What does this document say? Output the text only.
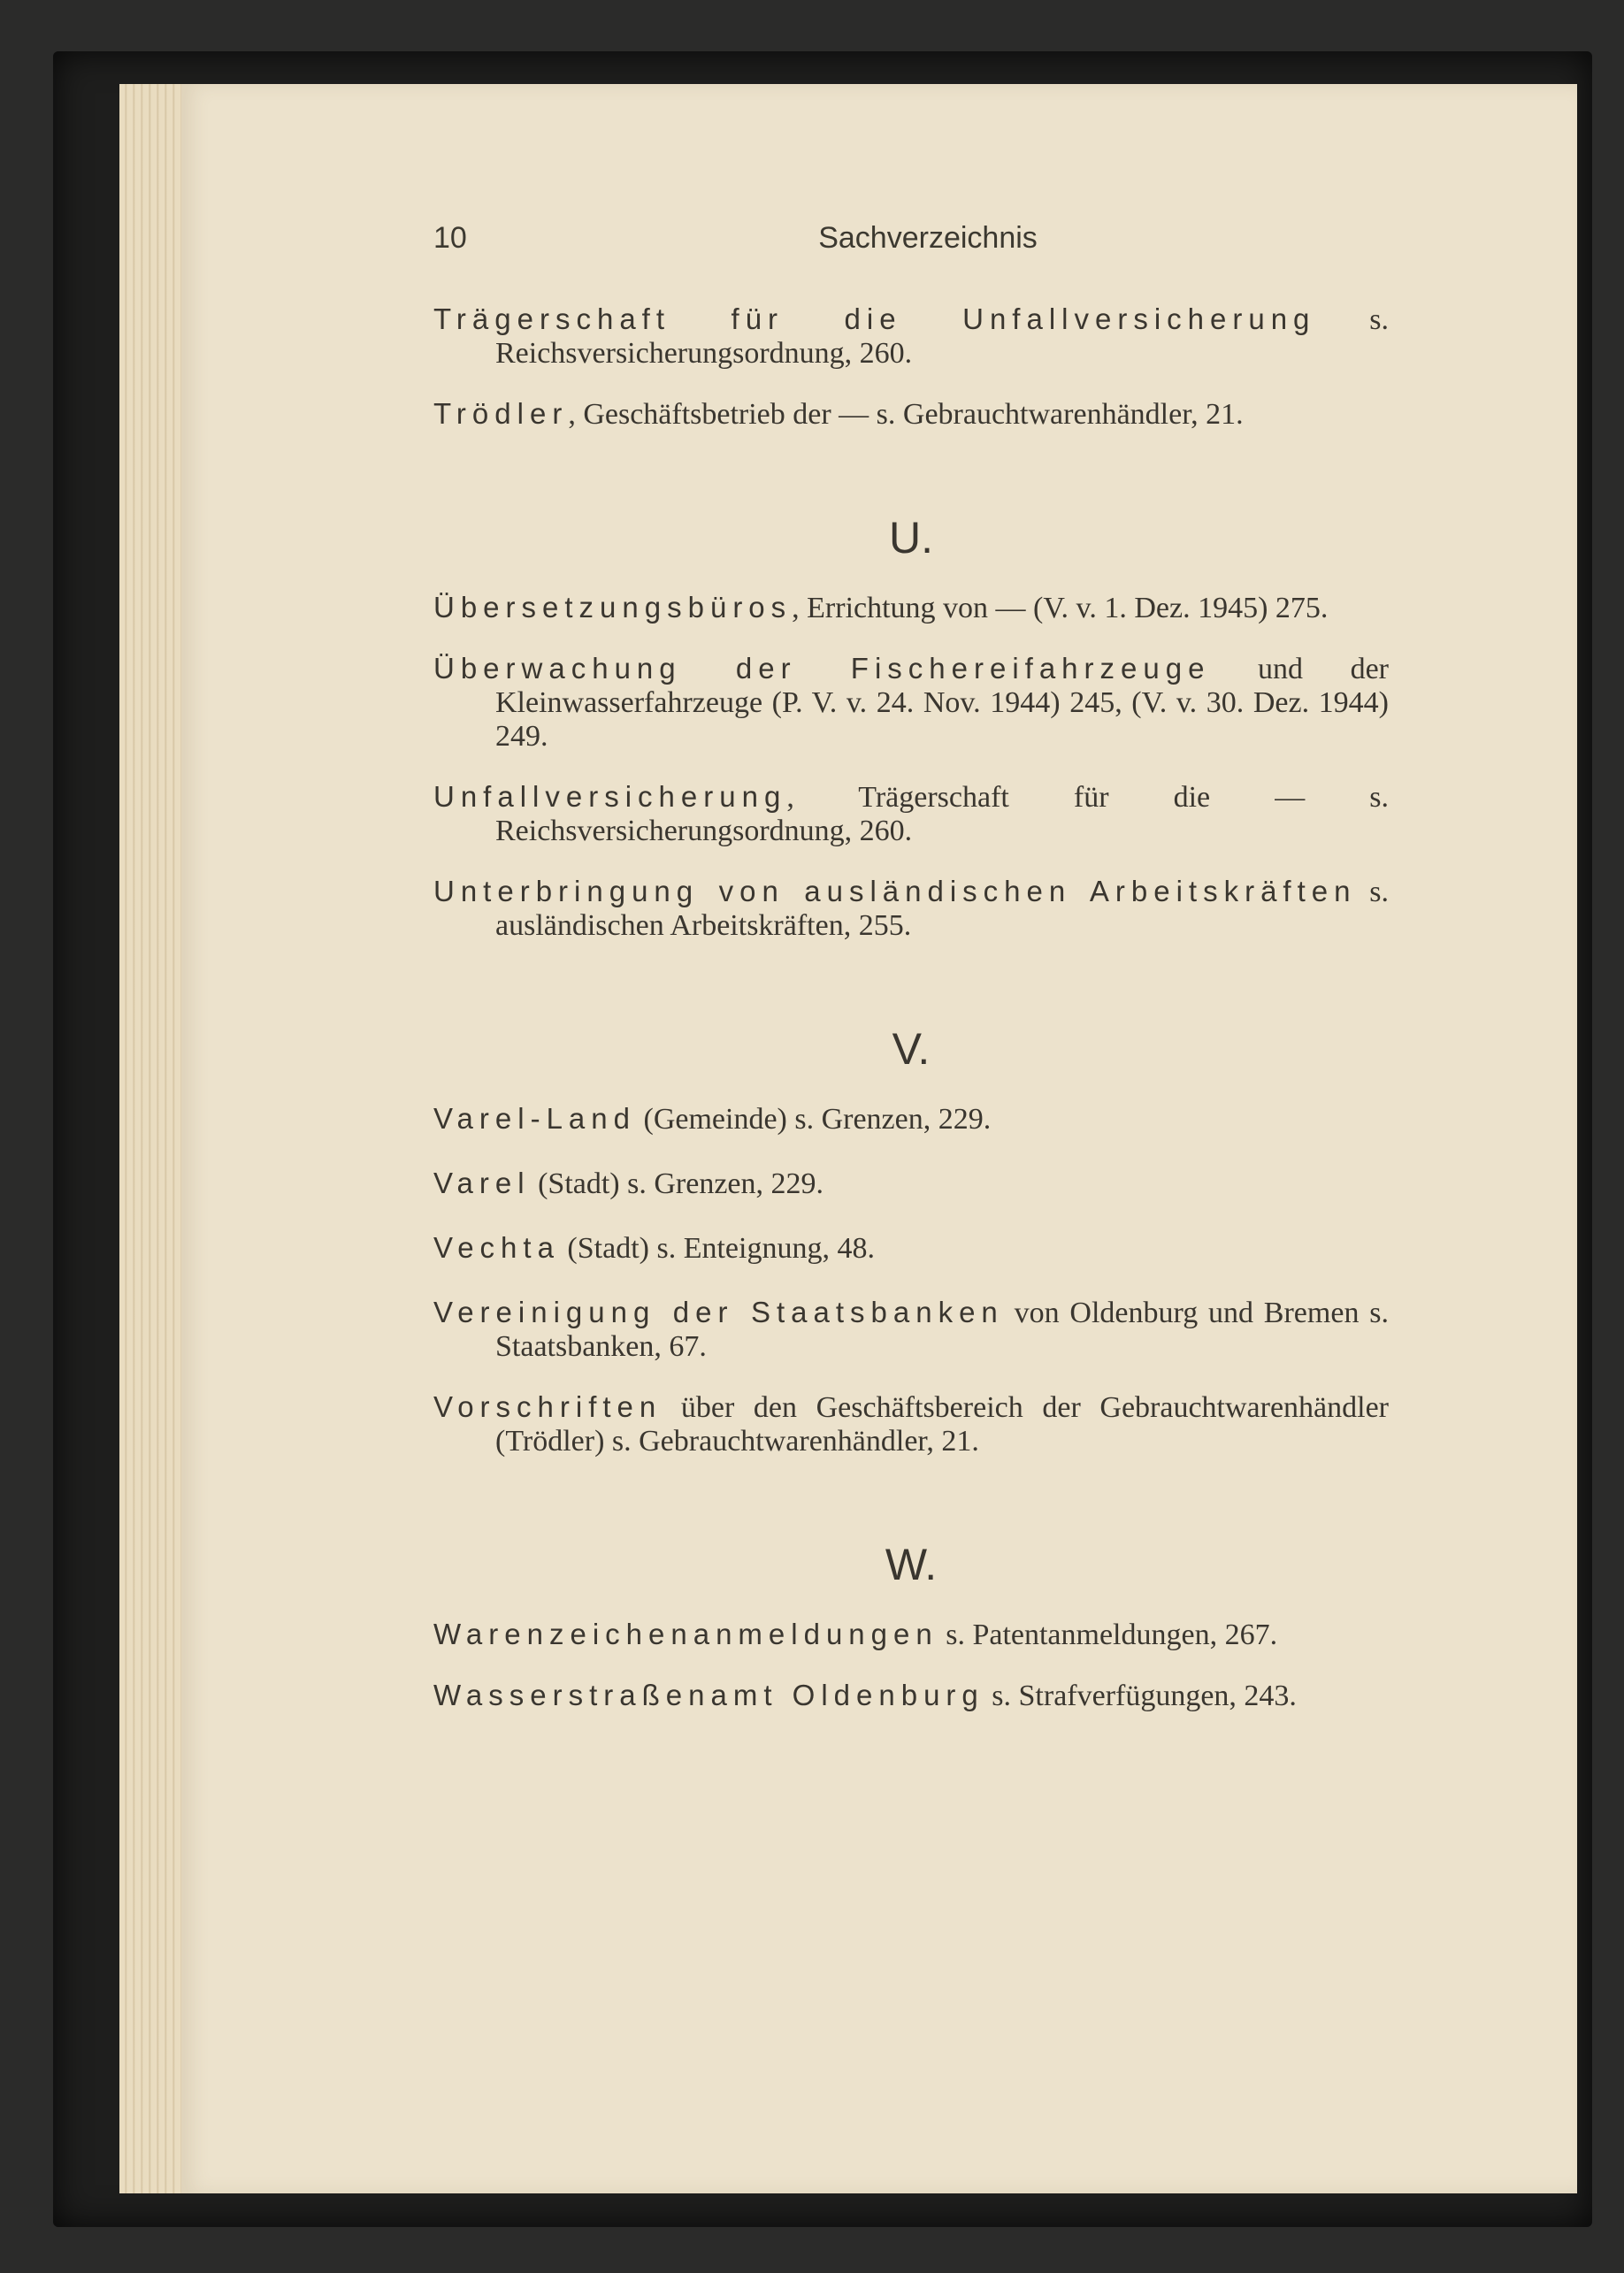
10	Sachverzeichnis

Trägerschaft für die Unfallversicherung s. Reichsversicherungsordnung, 260.

Trödler, Geschäftsbetrieb der — s. Gebrauchtwarenhändler, 21.

U.

Übersetzungsbüros, Errichtung von — (V. v. 1. Dez. 1945) 275.

Überwachung der Fischereifahrzeuge und der Kleinwasserfahrzeuge (P. V. v. 24. Nov. 1944) 245, (V. v. 30. Dez. 1944) 249.

Unfallversicherung, Trägerschaft für die — s. Reichsversicherungsordnung, 260.

Unterbringung von ausländischen Arbeitskräften s. ausländischen Arbeitskräften, 255.

V.

Varel-Land (Gemeinde) s. Grenzen, 229.

Varel (Stadt) s. Grenzen, 229.

Vechta (Stadt) s. Enteignung, 48.

Vereinigung der Staatsbanken von Oldenburg und Bremen s. Staatsbanken, 67.

Vorschriften über den Geschäftsbereich der Gebrauchtwarenhändler (Trödler) s. Gebrauchtwarenhändler, 21.

W.

Warenzeichenanmeldungen s. Patentanmeldungen, 267.

Wasserstraßenamt Oldenburg s. Strafverfügungen, 243.
